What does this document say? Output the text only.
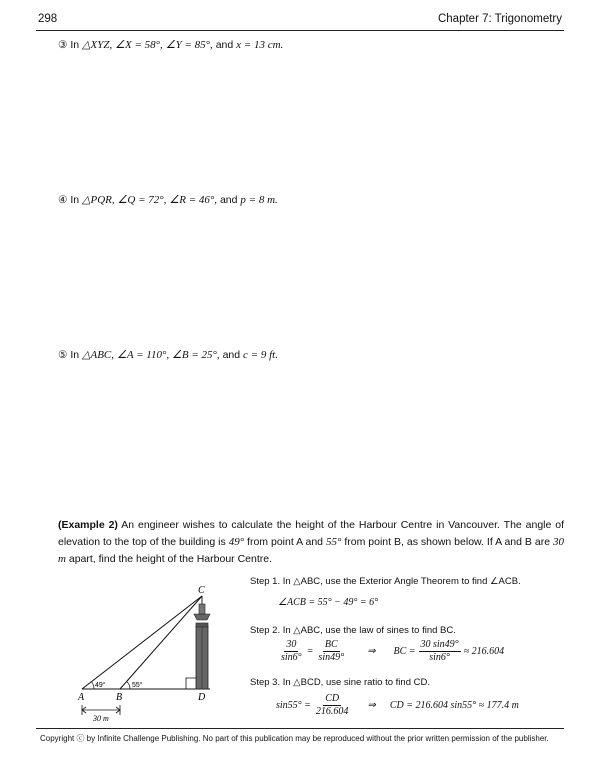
298	Chapter 7: Trigonometry
③ In △XYZ, ∠X = 58°, ∠Y = 85°, and x = 13 cm.
④ In △PQR, ∠Q = 72°, ∠R = 46°, and p = 8 m.
⑤ In △ABC, ∠A = 110°, ∠B = 25°, and c = 9 ft.
(Example 2) An engineer wishes to calculate the height of the Harbour Centre in Vancouver. The angle of elevation to the top of the building is 49° from point A and 55° from point B, as shown below. If A and B are 30 m apart, find the height of the Harbour Centre.
C
A	B	D
49°	55°
30 m
Step 1. In △ABC, use the Exterior Angle Theorem to find ∠ACB.
∠ACB = 55° − 49° = 6°
Step 2. In △ABC, use the law of sines to find BC.
$\frac{30}{\sin 6^\circ} = \frac{BC}{\sin 49^\circ}$ ⇒ BC = $\frac{30 \sin 49^\circ}{\sin 6^\circ} \approx 216.604$
Step 3. In △BCD, use sine ratio to find CD.
$\sin 55^\circ = \frac{CD}{216.604}$ ⇒ CD = 216.604 sin55° ≈ 177.4 m
Copyright ⓒ by Infinite Challenge Publishing. No part of this publication may be reproduced without the prior written permission of the publisher.
